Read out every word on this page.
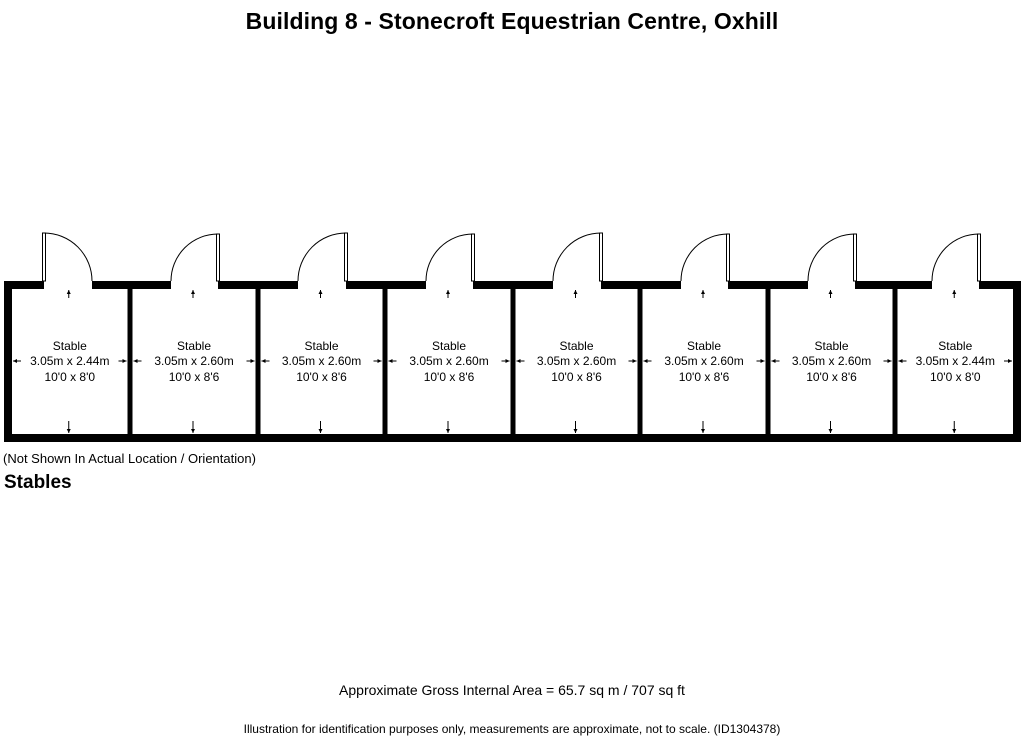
Building 8 - Stonecroft Equestrian Centre, Oxhill
Stable
3.05m x 2.44m
10'0 x 8'0
Stable
3.05m x 2.60m
10'0 x 8'6
Stable
3.05m x 2.60m
10'0 x 8'6
Stable
3.05m x 2.60m
10'0 x 8'6
Stable
3.05m x 2.60m
10'0 x 8'6
Stable
3.05m x 2.60m
10'0 x 8'6
Stable
3.05m x 2.60m
10'0 x 8'6
Stable
3.05m x 2.44m
10'0 x 8'0
(Not Shown In Actual Location / Orientation)
Stables
Approximate Gross Internal Area = 65.7 sq m / 707 sq ft
Illustration for identification purposes only, measurements are approximate, not to scale. (ID1304378)
